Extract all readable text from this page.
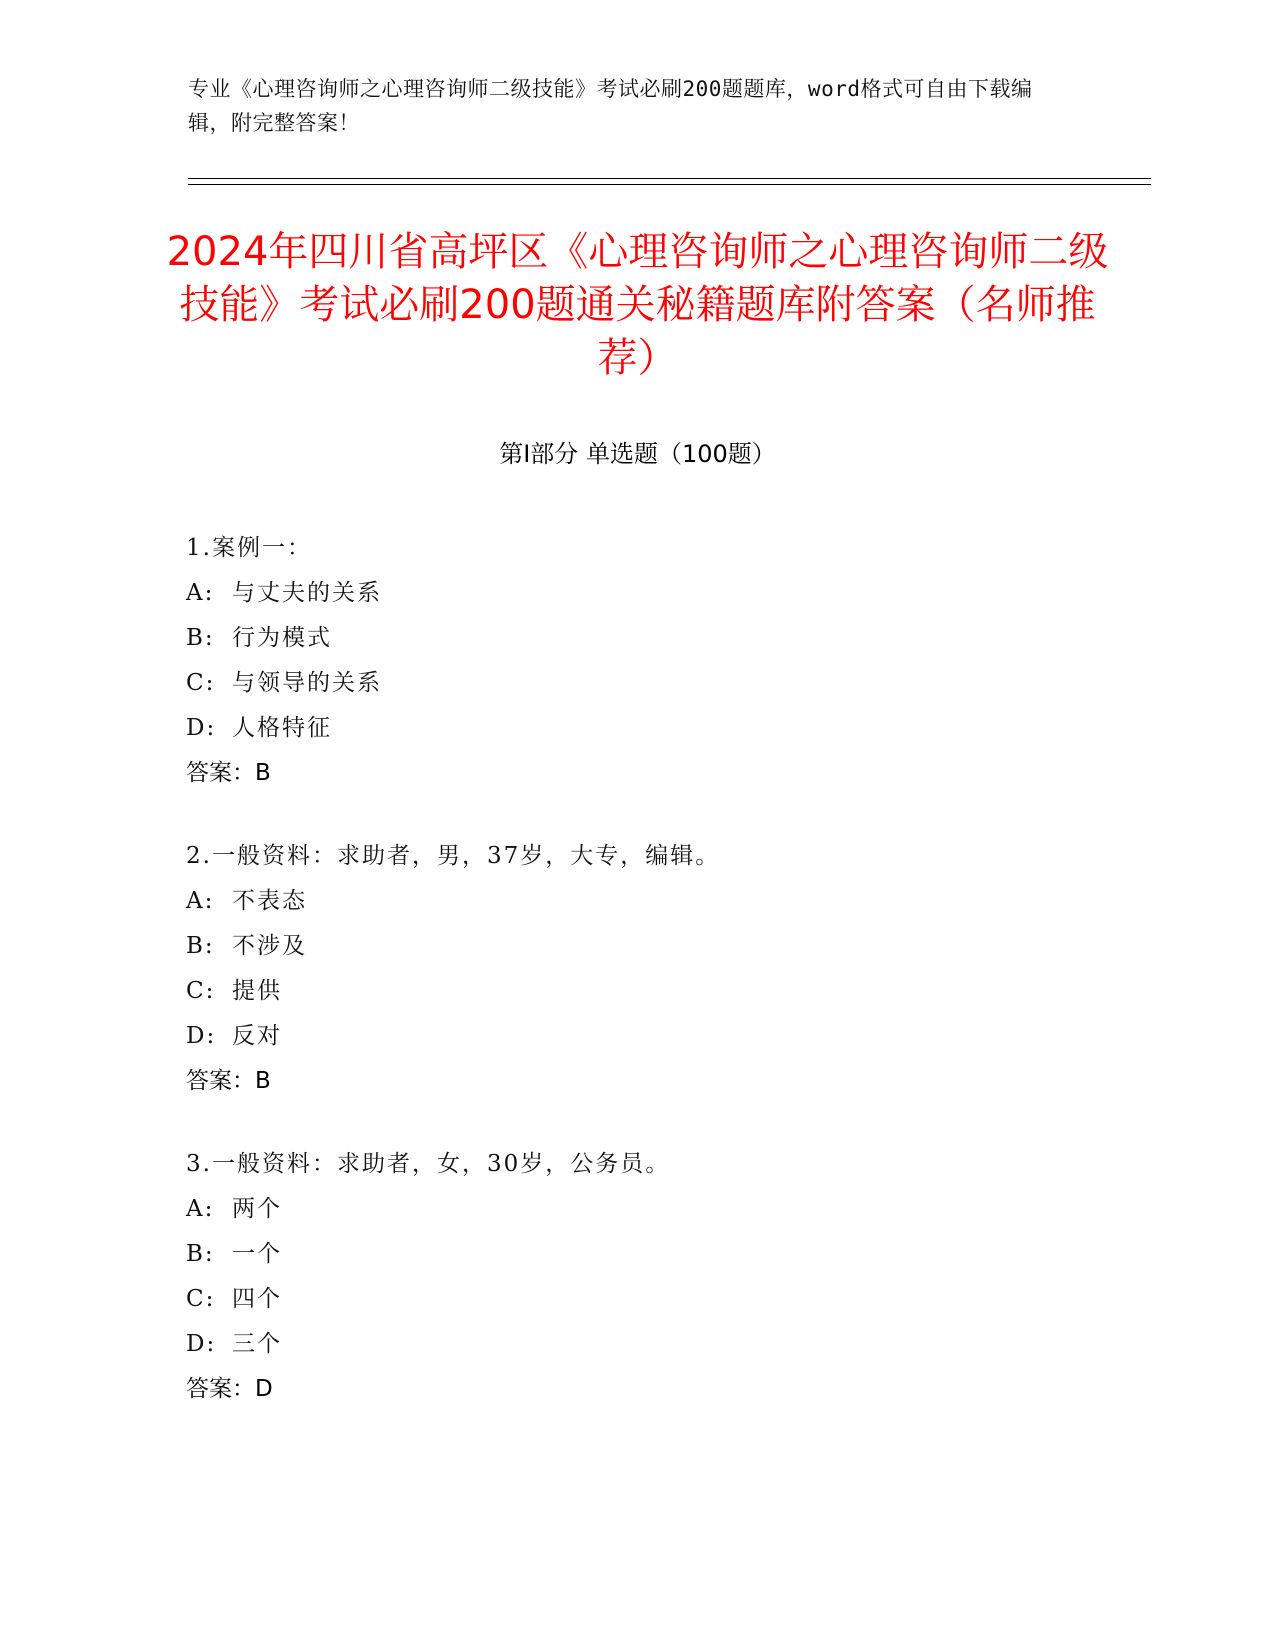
专业《心理咨询师之心理咨询师二级技能》考试必刷200题题库，word格式可自由下载编辑，附完整答案！
2024年四川省高坪区《心理咨询师之心理咨询师二级技能》考试必刷200题通关秘籍题库附答案（名师推荐）
第I部分 单选题（100题）
1.案例一：
A: 与丈夫的关系
B: 行为模式
C: 与领导的关系
D: 人格特征
答案：B
2.一般资料：求助者，男，37岁，大专，编辑。
A: 不表态
B: 不涉及
C: 提供
D: 反对
答案：B
3.一般资料：求助者，女，30岁，公务员。
A: 两个
B: 一个
C: 四个
D: 三个
答案：D
